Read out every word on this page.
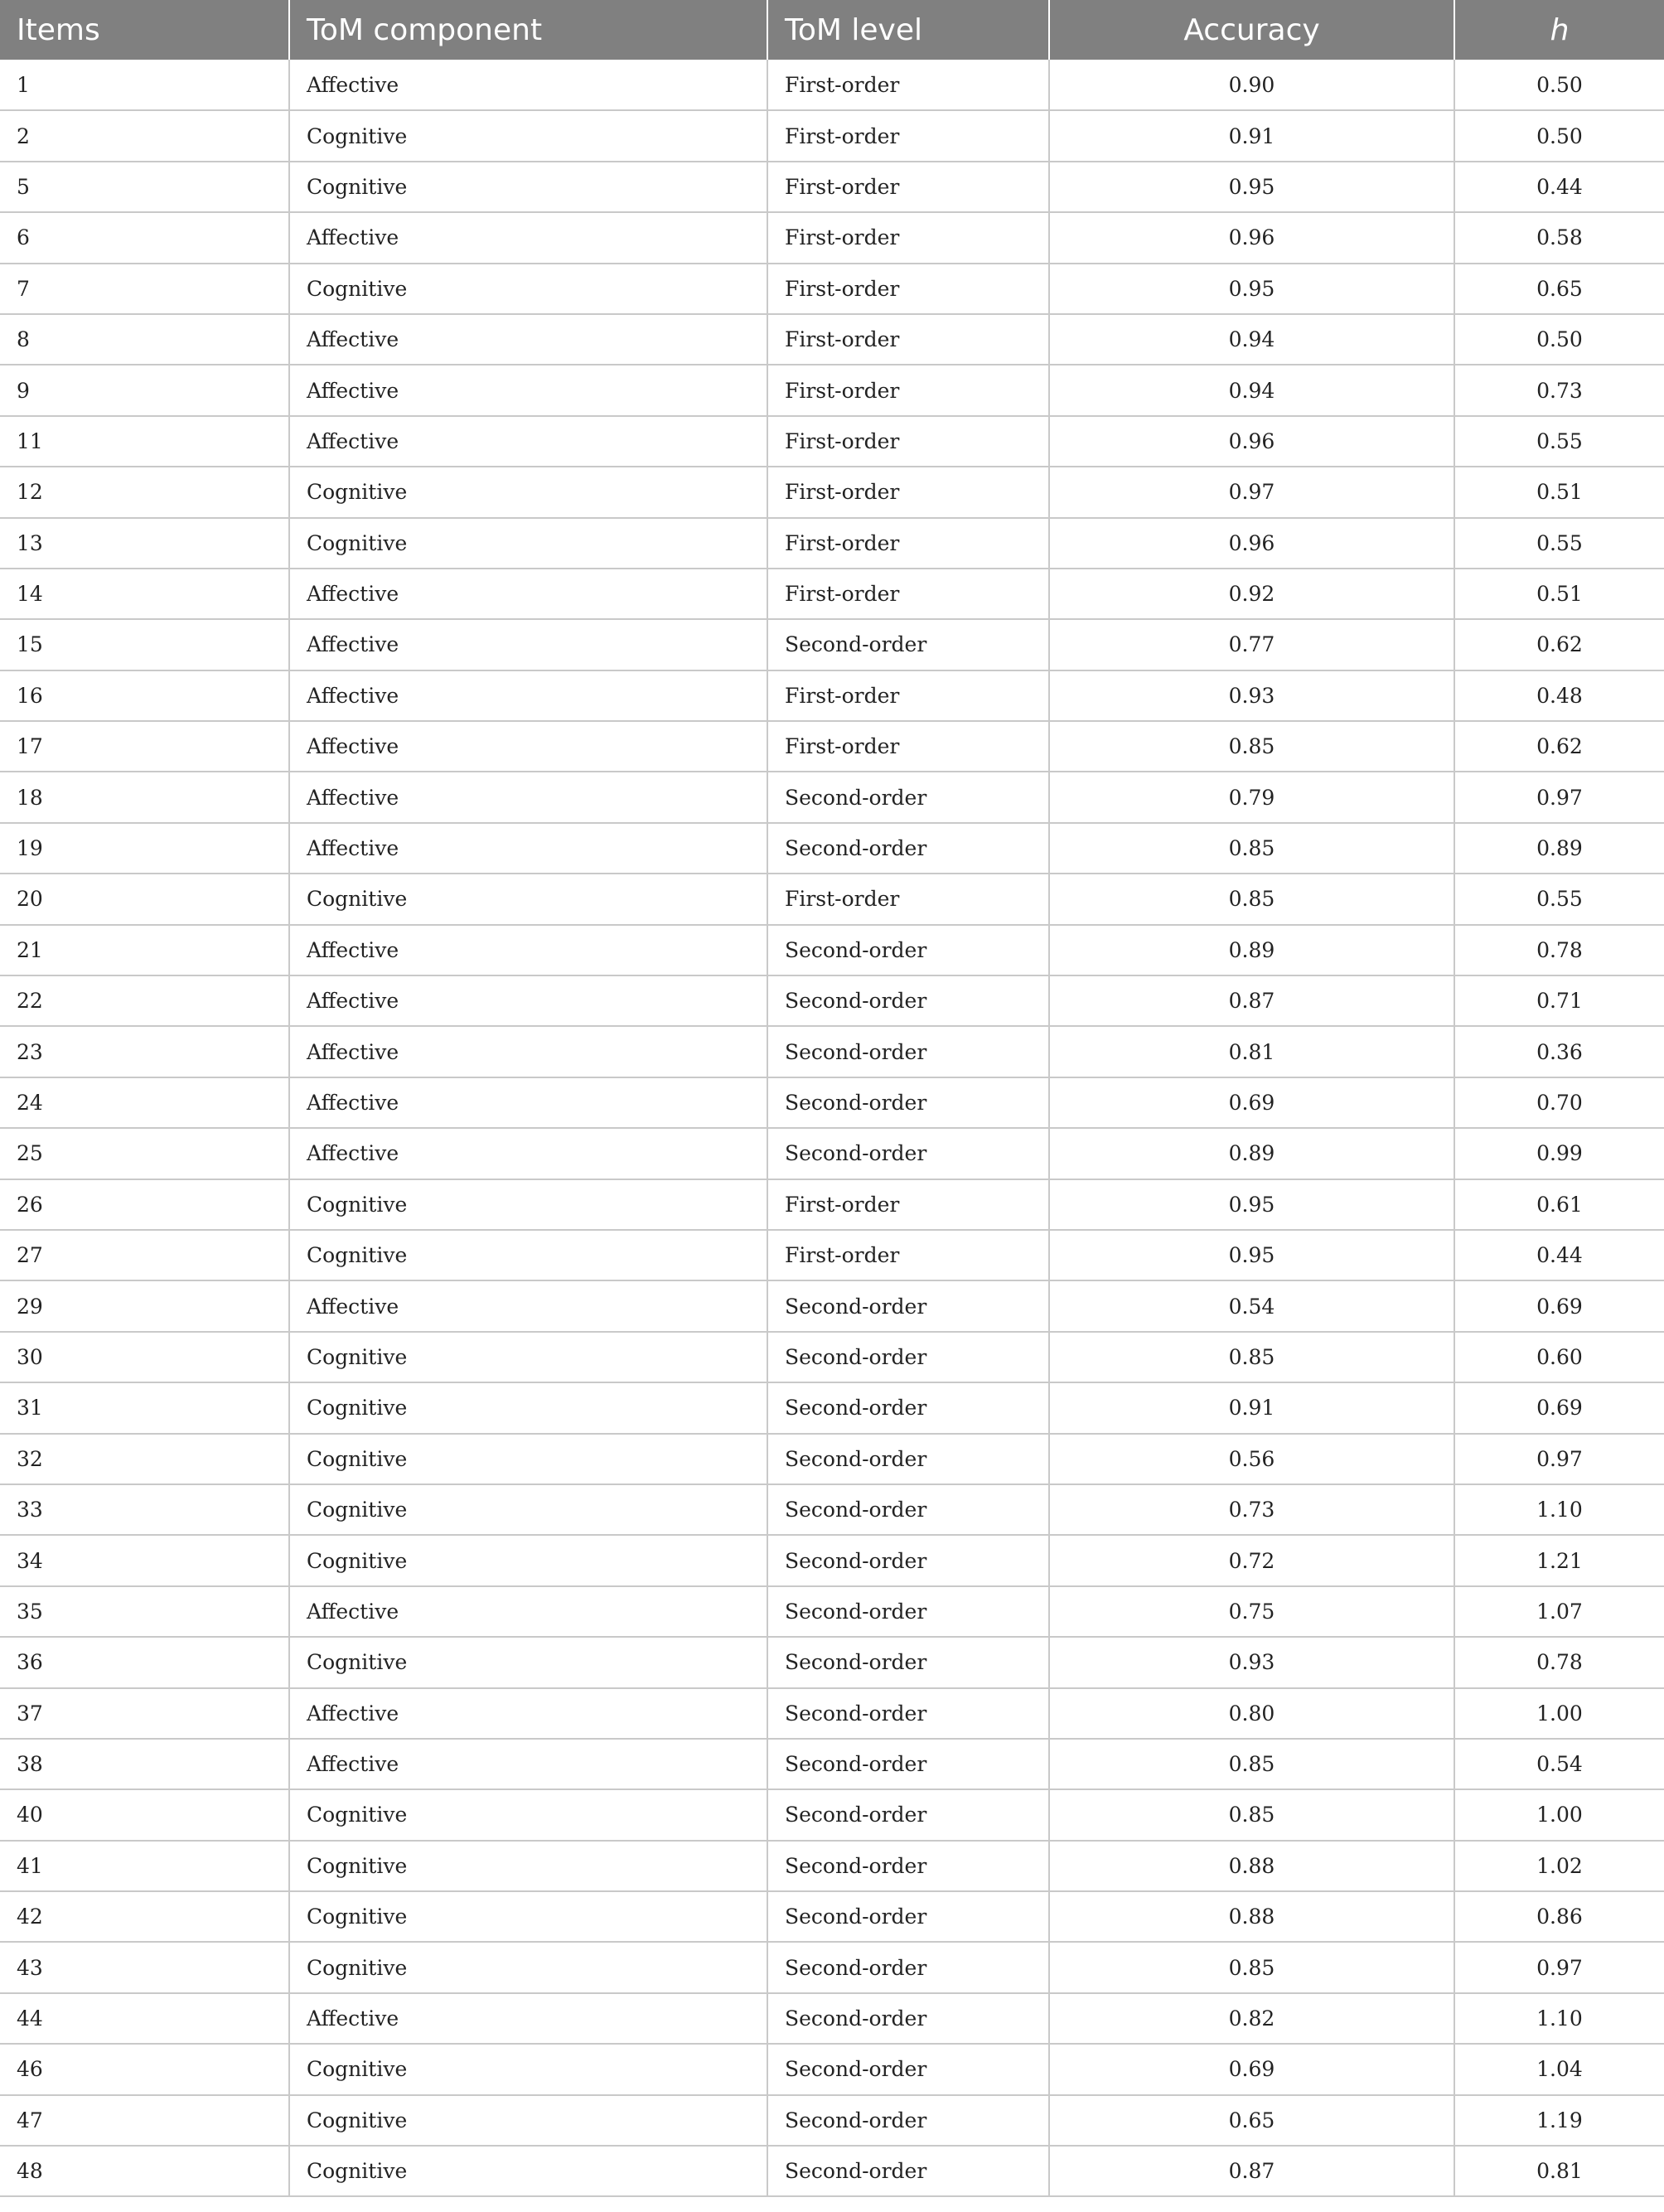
Items	ToM component	ToM level	Accuracy	h
1	Affective	First-order	0.90	0.50
2	Cognitive	First-order	0.91	0.50
5	Cognitive	First-order	0.95	0.44
6	Affective	First-order	0.96	0.58
7	Cognitive	First-order	0.95	0.65
8	Affective	First-order	0.94	0.50
9	Affective	First-order	0.94	0.73
11	Affective	First-order	0.96	0.55
12	Cognitive	First-order	0.97	0.51
13	Cognitive	First-order	0.96	0.55
14	Affective	First-order	0.92	0.51
15	Affective	Second-order	0.77	0.62
16	Affective	First-order	0.93	0.48
17	Affective	First-order	0.85	0.62
18	Affective	Second-order	0.79	0.97
19	Affective	Second-order	0.85	0.89
20	Cognitive	First-order	0.85	0.55
21	Affective	Second-order	0.89	0.78
22	Affective	Second-order	0.87	0.71
23	Affective	Second-order	0.81	0.36
24	Affective	Second-order	0.69	0.70
25	Affective	Second-order	0.89	0.99
26	Cognitive	First-order	0.95	0.61
27	Cognitive	First-order	0.95	0.44
29	Affective	Second-order	0.54	0.69
30	Cognitive	Second-order	0.85	0.60
31	Cognitive	Second-order	0.91	0.69
32	Cognitive	Second-order	0.56	0.97
33	Cognitive	Second-order	0.73	1.10
34	Cognitive	Second-order	0.72	1.21
35	Affective	Second-order	0.75	1.07
36	Cognitive	Second-order	0.93	0.78
37	Affective	Second-order	0.80	1.00
38	Affective	Second-order	0.85	0.54
40	Cognitive	Second-order	0.85	1.00
41	Cognitive	Second-order	0.88	1.02
42	Cognitive	Second-order	0.88	0.86
43	Cognitive	Second-order	0.85	0.97
44	Affective	Second-order	0.82	1.10
46	Cognitive	Second-order	0.69	1.04
47	Cognitive	Second-order	0.65	1.19
48	Cognitive	Second-order	0.87	0.81
